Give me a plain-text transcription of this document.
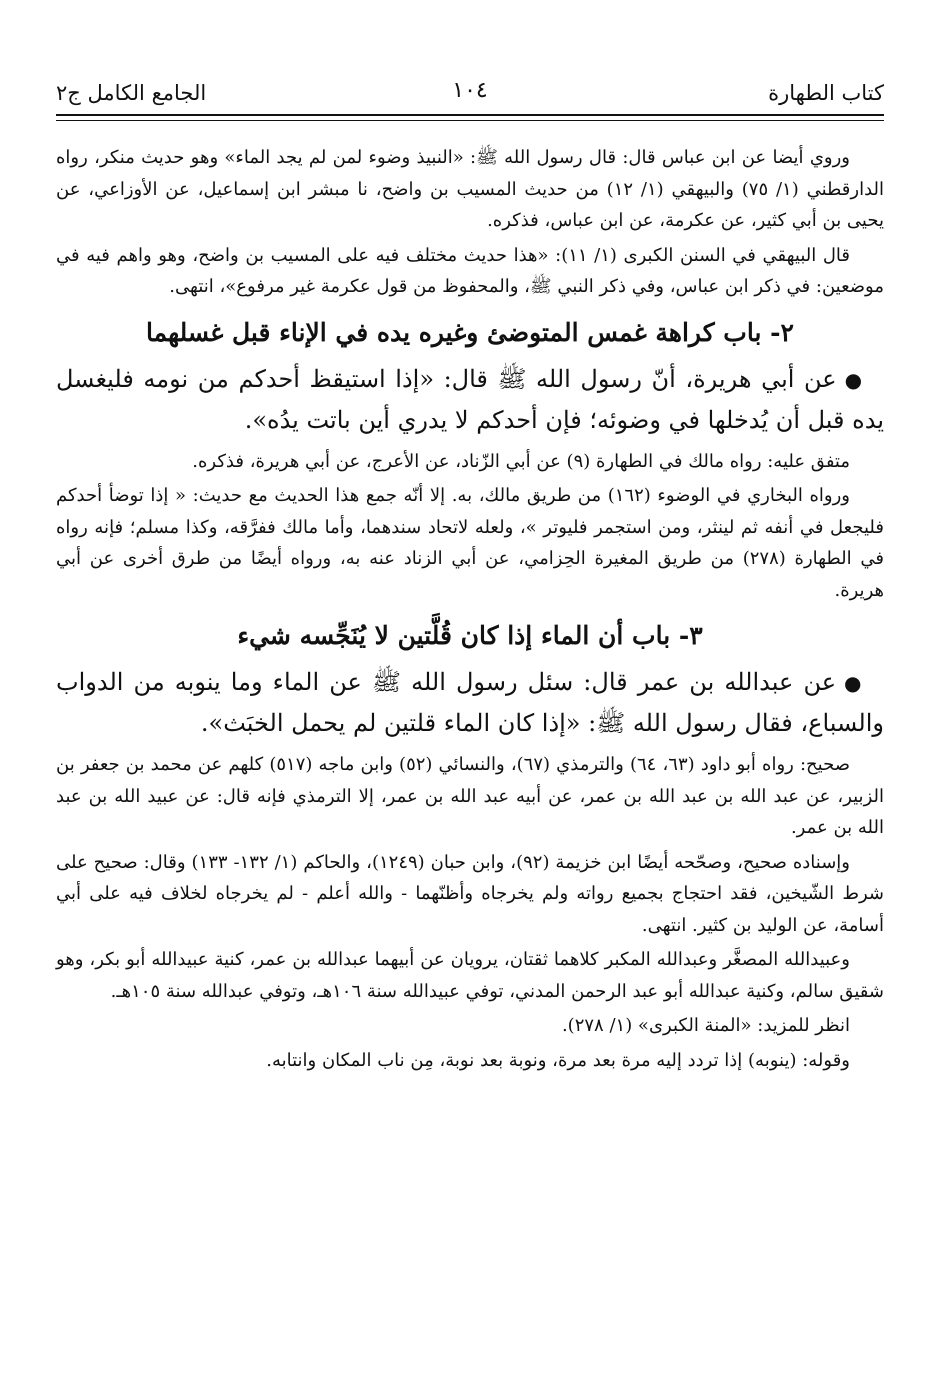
كتاب الطهارة
١٠٤
الجامع الكامل ج٢

وروي أيضا عن ابن عباس قال: قال رسول الله ﷺ: «النبيذ وضوء لمن لم يجد الماء» وهو حديث منكر، رواه الدارقطني (١/ ٧٥) والبيهقي (١/ ١٢) من حديث المسيب بن واضح، نا مبشر ابن إسماعيل، عن الأوزاعي، عن يحيى بن أبي كثير، عن عكرمة، عن ابن عباس، فذكره.

قال البيهقي في السنن الكبرى (١/ ١١): «هذا حديث مختلف فيه على المسيب بن واضح، وهو واهم فيه في موضعين: في ذكر ابن عباس، وفي ذكر النبي ﷺ، والمحفوظ من قول عكرمة غير مرفوع»، انتهى.

٢- باب كراهة غمس المتوضئ وغيره يده في الإناء قبل غسلهما

●عن أبي هريرة، أنّ رسول الله ﷺ قال: «إذا استيقظ أحدكم من نومه فليغسل يده قبل أن يُدخلها في وضوئه؛ فإن أحدكم لا يدري أين باتت يدُه».

متفق عليه: رواه مالك في الطهارة (٩) عن أبي الزّناد، عن الأعرج، عن أبي هريرة، فذكره.

ورواه البخاري في الوضوء (١٦٢) من طريق مالك، به. إلا أنّه جمع هذا الحديث مع حديث: « إذا توضأ أحدكم فليجعل في أنفه ثم لينثر، ومن استجمر فليوتر »، ولعله لاتحاد سندهما، وأما مالك ففرَّقه، وكذا مسلم؛ فإنه رواه في الطهارة (٢٧٨) من طريق المغيرة الحِزامي، عن أبي الزناد عنه به، ورواه أيضًا من طرق أخرى عن أبي هريرة.

٣- باب أن الماء إذا كان قُلَّتين لا يُنَجِّسه شيء

●عن عبدالله بن عمر قال: سئل رسول الله ﷺ عن الماء وما ينوبه من الدواب والسباع، فقال رسول الله ﷺ: «إذا كان الماء قلتين لم يحمل الخبَث».

صحيح: رواه أبو داود (٦٣، ٦٤) والترمذي (٦٧)، والنسائي (٥٢) وابن ماجه (٥١٧) كلهم عن محمد بن جعفر بن الزبير، عن عبد الله بن عبد الله بن عمر، عن أبيه عبد الله بن عمر، إلا الترمذي فإنه قال: عن عبيد الله بن عبد الله بن عمر.

وإسناده صحيح، وصحّحه أيضًا ابن خزيمة (٩٢)، وابن حبان (١٢٤٩)، والحاكم (١/ ١٣٢- ١٣٣) وقال: صحيح على شرط الشّيخين، فقد احتجاج بجميع رواته ولم يخرجاه وأظنّهما - والله أعلم - لم يخرجاه لخلاف فيه على أبي أسامة، عن الوليد بن كثير. انتهى.

وعبيدالله المصغَّر وعبدالله المكبر كلاهما ثقتان، يرويان عن أبيهما عبدالله بن عمر، كنية عبيدالله أبو بكر، وهو شقيق سالم، وكنية عبدالله أبو عبد الرحمن المدني، توفي عبيدالله سنة ١٠٦هـ، وتوفي عبدالله سنة ١٠٥هـ.

انظر للمزيد: «المنة الكبرى» (١/ ٢٧٨).

وقوله: (ينوبه) إذا تردد إليه مرة بعد مرة، ونوبة بعد نوبة، مِن ناب المكان وانتابه.
